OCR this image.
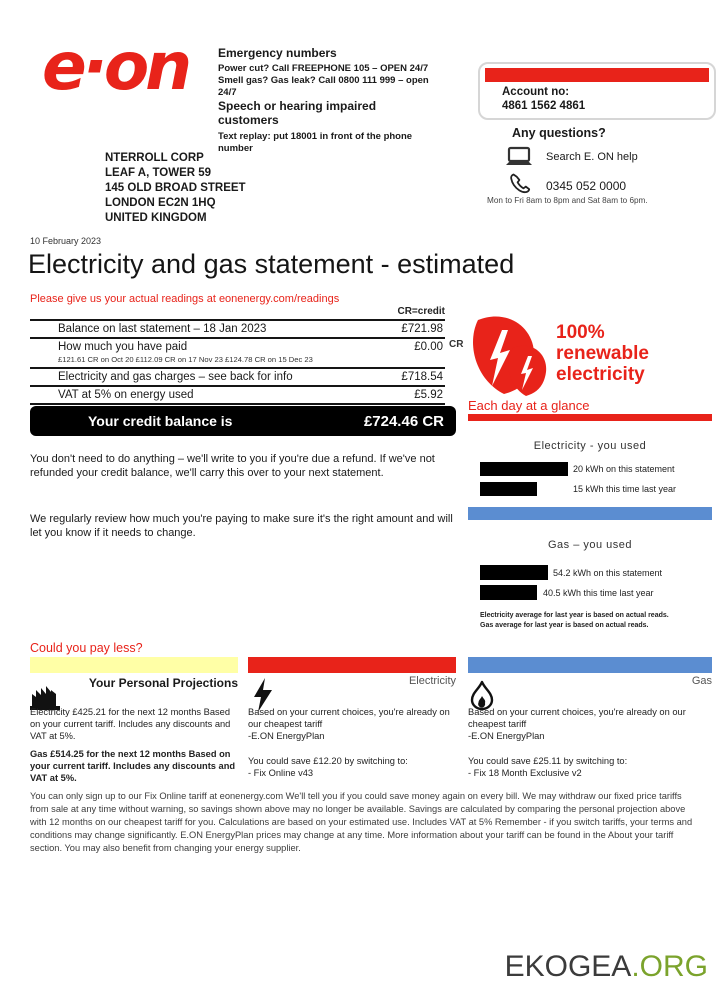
e·on Emergency numbers
Power cut? Call FREEPHONE 105 – OPEN 24/7
Smell gas? Gas leak? Call 0800 111 999 – open 24/7
Speech or hearing impaired customers
Text replay: put 18001 in front of the phone number
Account no:
4861 1562 4861
Any questions?
Search E. ON help
0345 052 0000
Mon to Fri 8am to 8pm and Sat 8am to 6pm.
NTERROLL CORP
LEAF A, TOWER 59
145 OLD BROAD STREET
LONDON EC2N 1HQ
UNITED KINGDOM
10 February 2023
Electricity and gas statement - estimated
Please give us your actual readings at eonenergy.com/readings
CR=credit
Balance on last statement – 18 Jan 2023	£721.98
How much you have paid	£0.00
£121.61 CR on Oct 20 £112.09 CR on 17 Nov 23 £124.78 CR on 15 Dec 23
Electricity and gas charges – see back for info	£718.54
VAT at 5% on energy used	£5.92
CR
Your credit balance is	£724.46 CR
You don't need to do anything – we'll write to you if you're due a refund. If we've not refunded your credit balance, we'll carry this over to your next statement.
We regularly review how much you're paying to make sure it's the right amount and will let you know if it needs to change.
100%
renewable
electricity
Each day at a glance
Electricity - you used
20 kWh on this statement
15 kWh this time last year
Gas – you used
54.2 kWh on this statement
40.5 kWh this time last year
Electricity average for last year is based on actual reads.
Gas average for last year is based on actual reads.
Could you pay less?
Your Personal Projections	Electricity	Gas
Electricity £425.21 for the next 12 months Based on your current tariff. Includes any discounts and VAT at 5%.
Gas £514.25 for the next 12 months Based on your current tariff. Includes any discounts and VAT at 5%.
Based on your current choices, you're already on our cheapest tariff
-E.ON EnergyPlan
You could save £12.20 by switching to:
- Fix Online v43
Based on your current choices, you're already on our cheapest tariff
-E.ON EnergyPlan
You could save £25.11 by switching to:
- Fix 18 Month Exclusive v2
You can only sign up to our Fix Online tariff at eonenergy.com We'll tell you if you could save money again on every bill. We may withdraw our fixed price tariffs from sale at any time without warning, so savings shown above may no longer be available. Savings are calculated by comparing the personal projection above with 12 months on our cheapest tariff for you. Calculations are based on your estimated use. Includes VAT at 5% Remember - if you switch tariffs, your terms and conditions may change significantly. E.ON EnergyPlan prices may change at any time. More information about your tariff can be found in the About your tariff section. You may also benefit from changing your energy supplier.
EKOGEA.ORG
